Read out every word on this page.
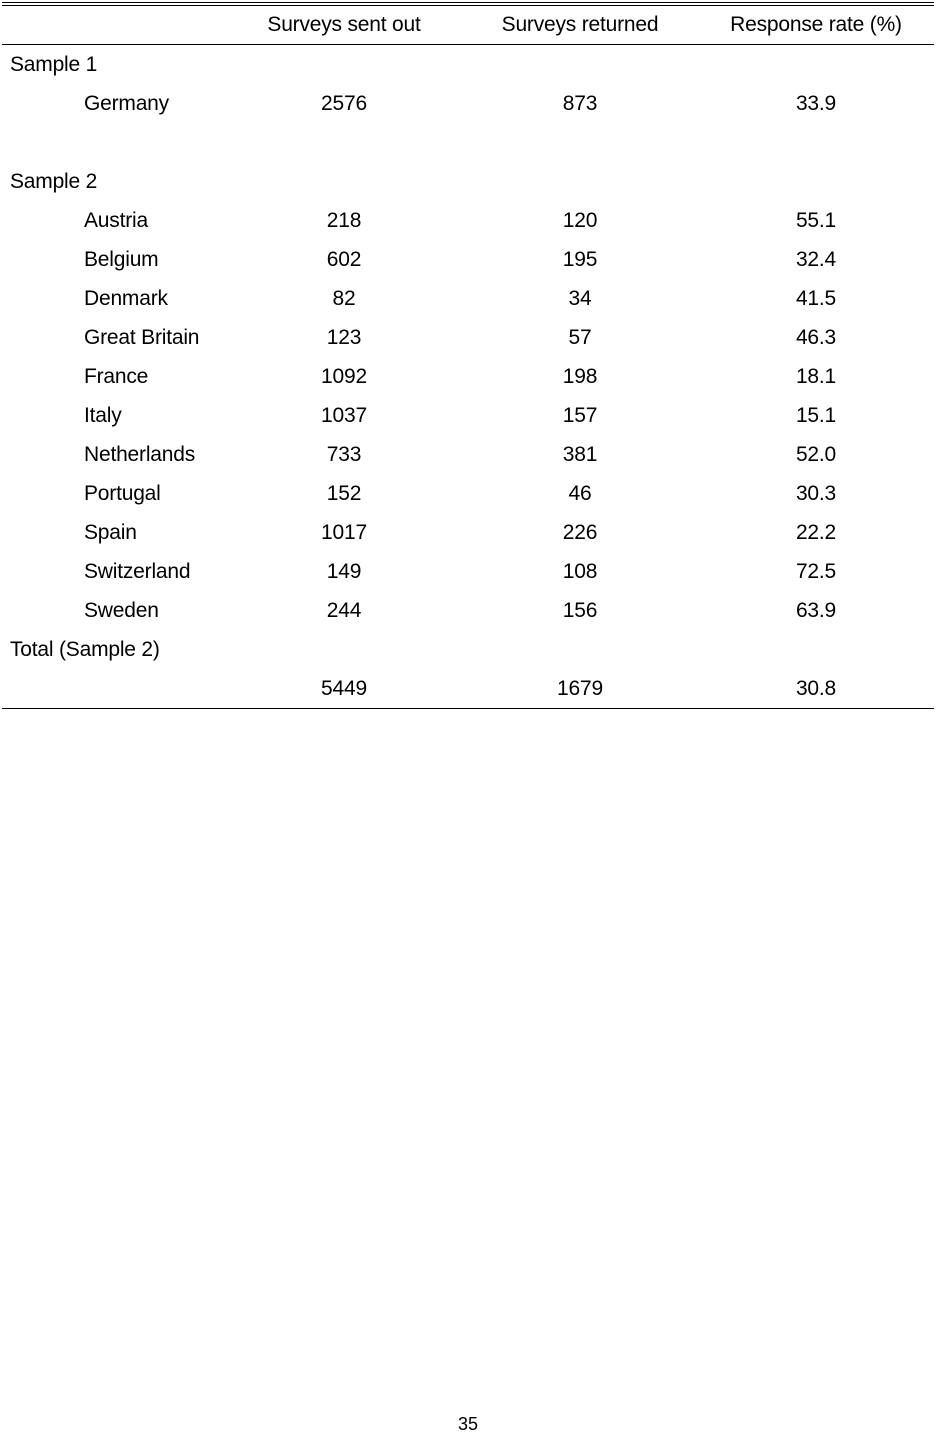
	Surveys sent out	Surveys returned	Response rate (%)
Sample 1			
Germany	2576	873	33.9

Sample 2			
Austria	218	120	55.1
Belgium	602	195	32.4
Denmark	82	34	41.5
Great Britain	123	57	46.3
France	1092	198	18.1
Italy	1037	157	15.1
Netherlands	733	381	52.0
Portugal	152	46	30.3
Spain	1017	226	22.2
Switzerland	149	108	72.5
Sweden	244	156	63.9
Total (Sample 2)			
	5449	1679	30.8
35
